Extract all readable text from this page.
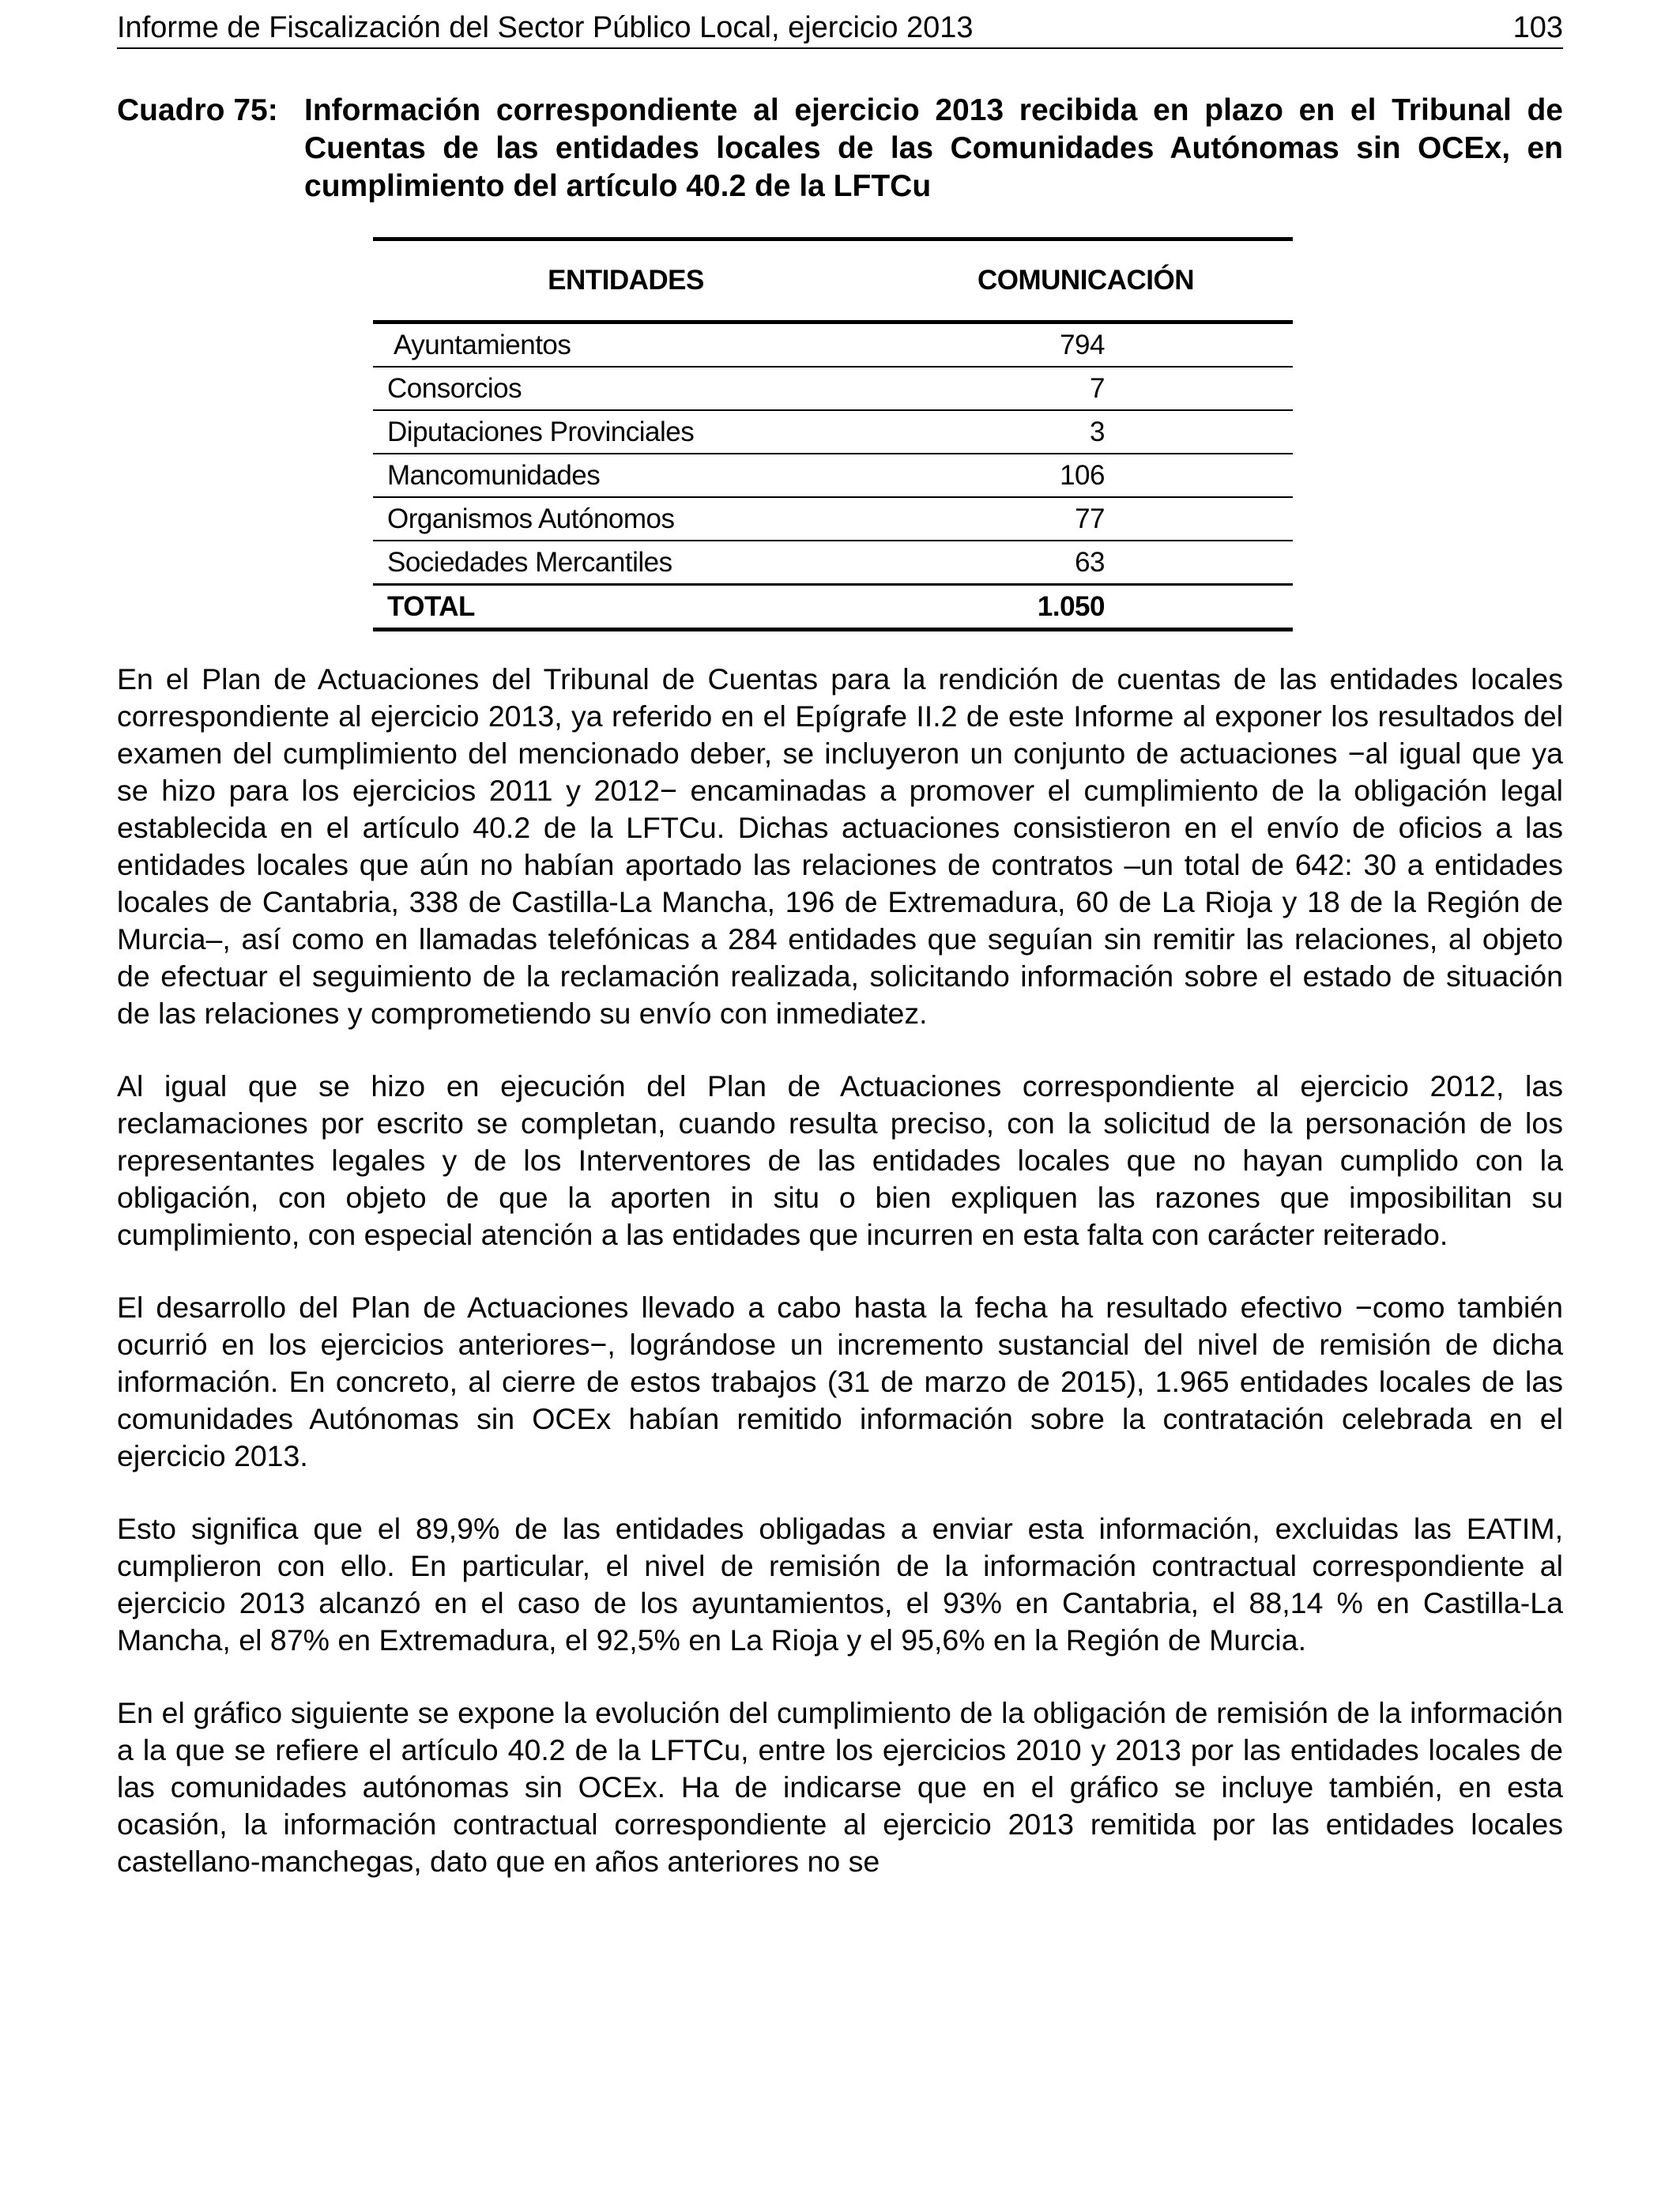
Informe de Fiscalización del Sector Público Local, ejercicio 2013	103
Cuadro 75: Información correspondiente al ejercicio 2013 recibida en plazo en el Tribunal de Cuentas de las entidades locales de las Comunidades Autónomas sin OCEx, en cumplimiento del artículo 40.2 de la LFTCu
ENTIDADES	COMUNICACIÓN
Ayuntamientos	794
Consorcios	7
Diputaciones Provinciales	3
Mancomunidades	106
Organismos Autónomos	77
Sociedades Mercantiles	63
TOTAL	1.050

En el Plan de Actuaciones del Tribunal de Cuentas para la rendición de cuentas de las entidades locales correspondiente al ejercicio 2013, ya referido en el Epígrafe II.2 de este Informe al exponer los resultados del examen del cumplimiento del mencionado deber, se incluyeron un conjunto de actuaciones −al igual que ya se hizo para los ejercicios 2011 y 2012− encaminadas a promover el cumplimiento de la obligación legal establecida en el artículo 40.2 de la LFTCu. Dichas actuaciones consistieron en el envío de oficios a las entidades locales que aún no habían aportado las relaciones de contratos –un total de 642: 30 a entidades locales de Cantabria, 338 de Castilla-La Mancha, 196 de Extremadura, 60 de La Rioja y 18 de la Región de Murcia–, así como en llamadas telefónicas a 284 entidades que seguían sin remitir las relaciones, al objeto de efectuar el seguimiento de la reclamación realizada, solicitando información sobre el estado de situación de las relaciones y comprometiendo su envío con inmediatez.

Al igual que se hizo en ejecución del Plan de Actuaciones correspondiente al ejercicio 2012, las reclamaciones por escrito se completan, cuando resulta preciso, con la solicitud de la personación de los representantes legales y de los Interventores de las entidades locales que no hayan cumplido con la obligación, con objeto de que la aporten in situ o bien expliquen las razones que imposibilitan su cumplimiento, con especial atención a las entidades que incurren en esta falta con carácter reiterado.

El desarrollo del Plan de Actuaciones llevado a cabo hasta la fecha ha resultado efectivo −como también ocurrió en los ejercicios anteriores−, lográndose un incremento sustancial del nivel de remisión de dicha información. En concreto, al cierre de estos trabajos (31 de marzo de 2015), 1.965 entidades locales de las comunidades Autónomas sin OCEx habían remitido información sobre la contratación celebrada en el ejercicio 2013.

Esto significa que el 89,9% de las entidades obligadas a enviar esta información, excluidas las EATIM, cumplieron con ello. En particular, el nivel de remisión de la información contractual correspondiente al ejercicio 2013 alcanzó en el caso de los ayuntamientos, el 93% en Cantabria, el 88,14 % en Castilla-La Mancha, el 87% en Extremadura, el 92,5% en La Rioja y el 95,6% en la Región de Murcia.

En el gráfico siguiente se expone la evolución del cumplimiento de la obligación de remisión de la información a la que se refiere el artículo 40.2 de la LFTCu, entre los ejercicios 2010 y 2013 por las entidades locales de las comunidades autónomas sin OCEx. Ha de indicarse que en el gráfico se incluye también, en esta ocasión, la información contractual correspondiente al ejercicio 2013 remitida por las entidades locales castellano-manchegas, dato que en años anteriores no se
